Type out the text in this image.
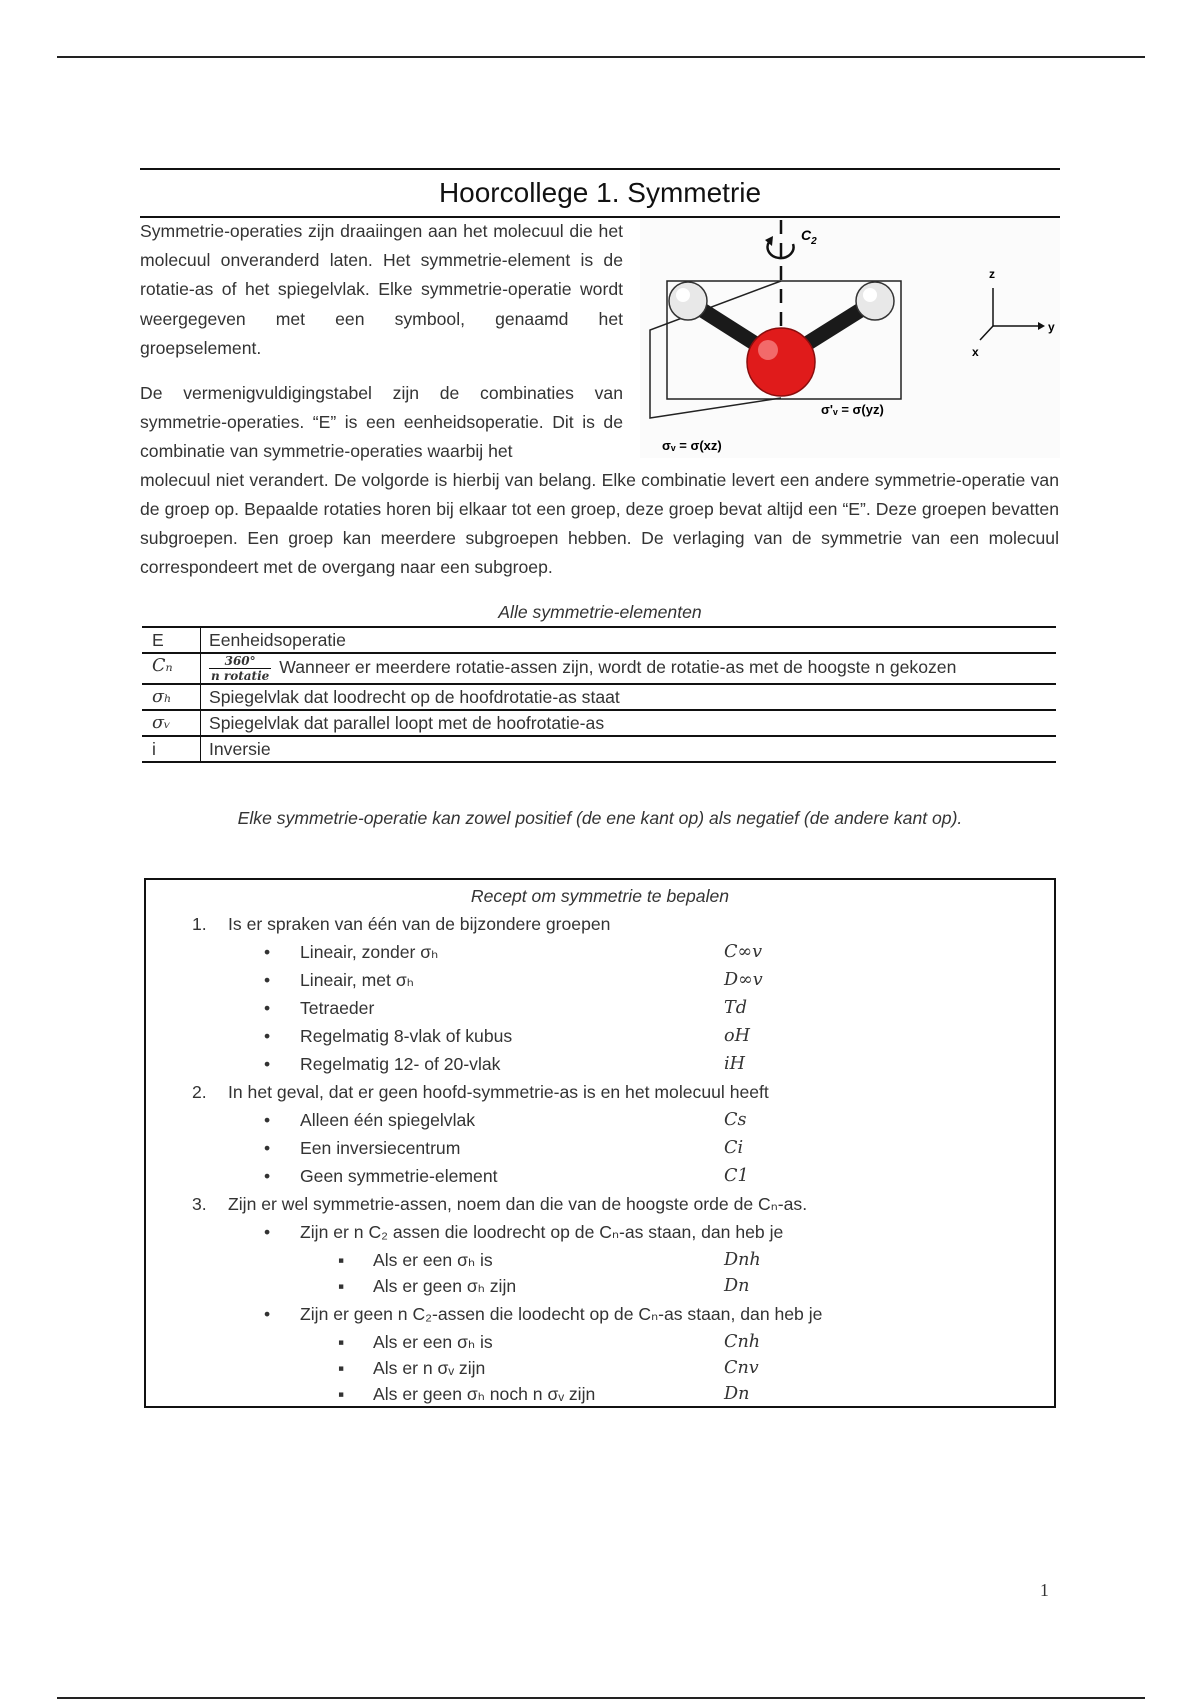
Hoorcollege 1. Symmetrie

Symmetrie-operaties zijn draaiingen aan het molecuul die het molecuul onveranderd laten. Het symmetrie-element is de rotatie-as of het spiegelvlak. Elke symmetrie-operatie wordt weergegeven met een symbool, genaamd het groepselement.

De vermenigvuldigingstabel zijn de combinaties van symmetrie-operaties. “E” is een eenheidsoperatie. Dit is de combinatie van symmetrie-operaties waarbij het

$C_2$
σ'ᵥ = σ(yz)
σᵥ = σ(xz)
z
y
x

molecuul niet verandert. De volgorde is hierbij van belang. Elke combinatie levert een andere symmetrie-operatie van de groep op. Bepaalde rotaties horen bij elkaar tot een groep, deze groep bevat altijd een “E”. Deze groepen bevatten subgroepen. Een groep kan meerdere subgroepen hebben. De verlaging van de symmetrie van een molecuul correspondeert met de overgang naar een subgroep.

Alle symmetrie-elementen
E	Eenheidsoperatie
Cₙ	$\frac{360^\circ}{\text{n rotatie}}$ Wanneer er meerdere rotatie-assen zijn, wordt de rotatie-as met de hoogste n gekozen
σₕ	Spiegelvlak dat loodrecht op de hoofdrotatie-as staat
σᵥ	Spiegelvlak dat parallel loopt met de hoofrotatie-as
i	Inversie
Elke symmetrie-operatie kan zowel positief (de ene kant op) als negatief (de andere kant op).
Recept om symmetrie te bepalen
1. Is er spraken van één van de bijzondere groepen
• Lineair, zonder σₕ	C∞v
• Lineair, met σₕ	D∞v
• Tetraeder	Td
• Regelmatig 8-vlak of kubus	oH
• Regelmatig 12- of 20-vlak	iH
2. In het geval, dat er geen hoofd-symmetrie-as is en het molecuul heeft
• Alleen één spiegelvlak	Cs
• Een inversiecentrum	Ci
• Geen symmetrie-element	C1
3. Zijn er wel symmetrie-assen, noem dan die van de hoogste orde de Cₙ-as.
• Zijn er n C₂ assen die loodrecht op de Cₙ-as staan, dan heb je
▪ Als er een σₕ is	Dnh
▪ Als er geen σₕ zijn	Dn
• Zijn er geen n C₂-assen die loodecht op de Cₙ-as staan, dan heb je
▪ Als er een σₕ is	Cnh
▪ Als er n σᵥ zijn	Cnv
▪ Als er geen σₕ noch n σᵥ zijn	Dn
1
